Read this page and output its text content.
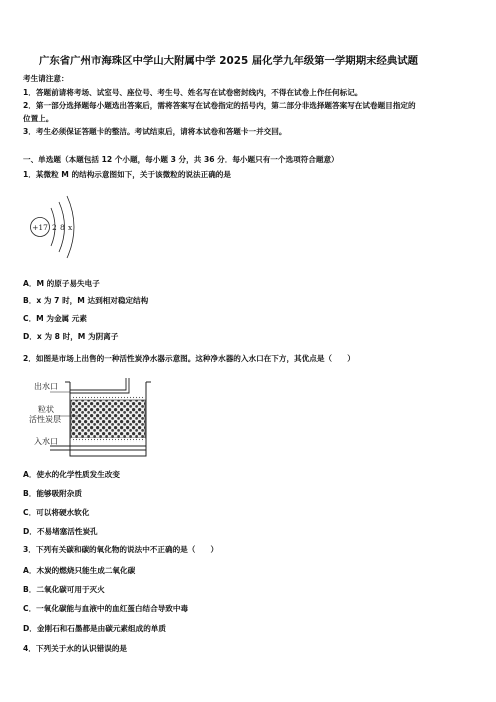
广东省广州市海珠区中学山大附属中学 2025 届化学九年级第一学期期末经典试题
考生请注意：
1．答题前请将考场、试室号、座位号、考生号、姓名写在试卷密封线内，不得在试卷上作任何标记。
2．第一部分选择题每小题选出答案后，需将答案写在试卷指定的括号内，第二部分非选择题答案写在试卷题目指定的
位置上。
3．考生必须保证答题卡的整洁。考试结束后，请将本试卷和答题卡一并交回。
一、单选题（本题包括 12 个小题，每小题 3 分，共 36 分．每小题只有一个选项符合题意）
1．某微粒 M 的结构示意图如下，关于该微粒的说法正确的是
+17 2 8 x
A．M 的原子易失电子
B．x 为 7 时，M 达到相对稳定结构
C．M 为金属 元素
D．x 为 8 时，M 为阴离子
2．如图是市场上出售的一种活性炭净水器示意图。这种净水器的入水口在下方，其优点是（　　）
出水口
粒状
活性炭层
入水口
A．使水的化学性质发生改变
B．能够吸附杂质
C．可以将硬水软化
D．不易堵塞活性炭孔
3．下列有关碳和碳的氧化物的说法中不正确的是（　　）
A．木炭的燃烧只能生成二氧化碳
B．二氧化碳可用于灭火
C．一氧化碳能与血液中的血红蛋白结合导致中毒
D．金刚石和石墨都是由碳元素组成的单质
4．下列关于水的认识错误的是
